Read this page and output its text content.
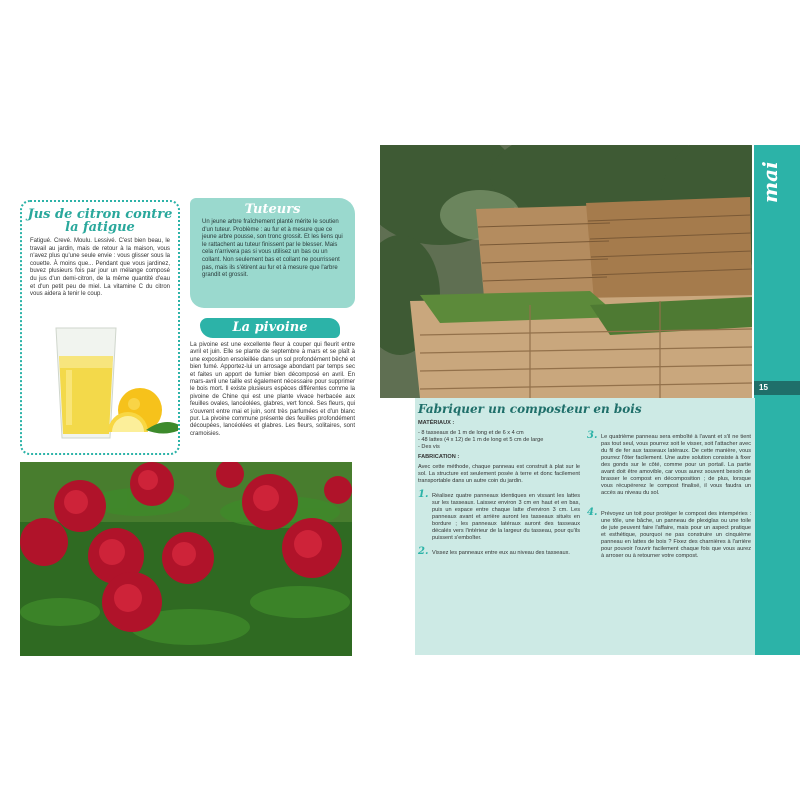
Jus de citron contre la fatigue
Fatigué. Crevé. Moulu. Lessivé. C'est bien beau, le travail au jardin, mais de retour à la maison, vous n'avez plus qu'une seule envie : vous glisser sous la couette. À moins que... Pendant que vous jardinez, buvez plusieurs fois par jour un mélange composé du jus d'un demi-citron, de la même quantité d'eau et d'un petit peu de miel. La vitamine C du citron vous aidera à tenir le coup.
Tuteurs
Un jeune arbre fraîchement planté mérite le soutien d'un tuteur. Problème : au fur et à mesure que ce jeune arbre pousse, son tronc grossit. Et les liens qui le rattachent au tuteur finissent par le blesser. Mais cela n'arrivera pas si vous utilisez un bas ou un collant. Non seulement bas et collant ne pourrissent pas, mais ils s'étirent au fur et à mesure que l'arbre grandit et grossit.
La pivoine
La pivoine est une excellente fleur à couper qui fleurit entre avril et juin. Elle se plante de septembre à mars et se plaît à une exposition ensoleillée dans un sol profondément bêché et bien fumé. Apportez-lui un arrosage abondant par temps sec et faites un apport de fumier bien décomposé en avril. En mars-avril une taille est également nécessaire pour supprimer le bois mort. Il existe plusieurs espèces différentes comme la pivoine de Chine qui est une plante vivace herbacée aux feuilles ovales, lancéolées, glabres, vert foncé. Ses fleurs, qui s'ouvrent entre mai et juin, sont très parfumées et d'un blanc pur. La pivoine commune présente des feuilles profondément découpées, lancéolées et glabres. Les fleurs, solitaires, sont cramoisies.
mai
15
Fabriquer un composteur en bois

MATÉRIAUX :

- 8 tasseaux de 1 m de long et de 6 x 4 cm
- 48 lattes (4 x 12) de 1 m de long et 5 cm de large

- Des vis

FABRICATION :

Avec cette méthode, chaque panneau est construit à plat sur le sol. La structure est seulement posée à terre et donc facilement transportable dans un autre coin du jardin.

1. Réalisez quatre panneaux identiques en vissant les lattes sur les tasseaux. Laissez environ 3 cm en haut et en bas, puis un espace entre chaque latte d'environ 3 cm. Les panneaux avant et arrière auront les tasseaux situés en bordure ; les panneaux latéraux auront des tasseaux décalés vers l'intérieur de la largeur du tasseau, pour qu'ils puissent s'emboîter.
2. Vissez les panneaux entre eux au niveau des tasseaux.
3. Le quatrième panneau sera emboîté à l'avant et s'il ne tient pas tout seul, vous pourrez soit le visser, soit l'attacher avec du fil de fer aux tasseaux latéraux. De cette manière, vous pourrez l'ôter facilement. Une autre solution consiste à fixer des gonds sur le côté, comme pour un portail. La partie avant doit être amovible, car vous aurez souvent besoin de brasser le compost en décomposition ; de plus, lorsque vous récupérerez le compost finalisé, il vous faudra un accès au niveau du sol.
4. Prévoyez un toit pour protéger le compost des intempéries : une tôle, une bâche, un panneau de plexiglas ou une toile de jute peuvent faire l'affaire, mais pour un aspect pratique et esthétique, pourquoi ne pas construire un cinquième panneau en lattes de bois ? Fixez des charnières à l'arrière pour pouvoir l'ouvrir facilement chaque fois que vous aurez à arroser ou à retourner votre compost.
